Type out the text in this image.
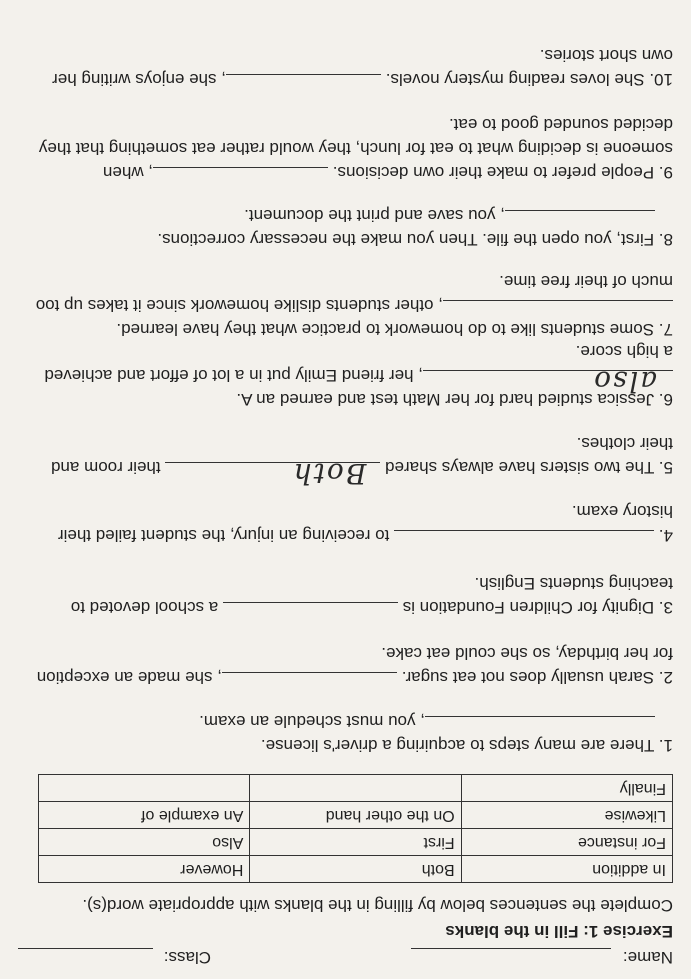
Name:
Class:
Exercise 1: Fill in the blanks
Complete the sentences below by filling in the blanks with appropriate word(s).
In addition	Both	However
For instance	First	Also
Likewise	On the other hand	An example of
Finally		
1. There are many steps to acquiring a driver's license.
, you must schedule an exam.
2. Sarah usually does not eat sugar. , she made an exception for her birthday, so she could eat cake.
3. Dignity for Children Foundation is  a school devoted to teaching students English.
4.  to receiving an injury, the student failed their history exam.
5. The two sisters have always shared
Both
their room and their clothes.
6. Jessica studied hard for her Math test and earned an A.

also
, her friend Emily put in a lot of effort and achieved a high score.
7. Some students like to do homework to practice what they have learned.
, other students dislike homework since it takes up too much of their free time.
8. First, you open the file. Then you make the necessary corrections.
, you save and print the document.
9. People prefer to make their own decisions. , when someone is deciding what to eat for lunch, they would rather eat something that they decided sounded good to eat.
10. She loves reading mystery novels. , she enjoys writing her own short stories.
